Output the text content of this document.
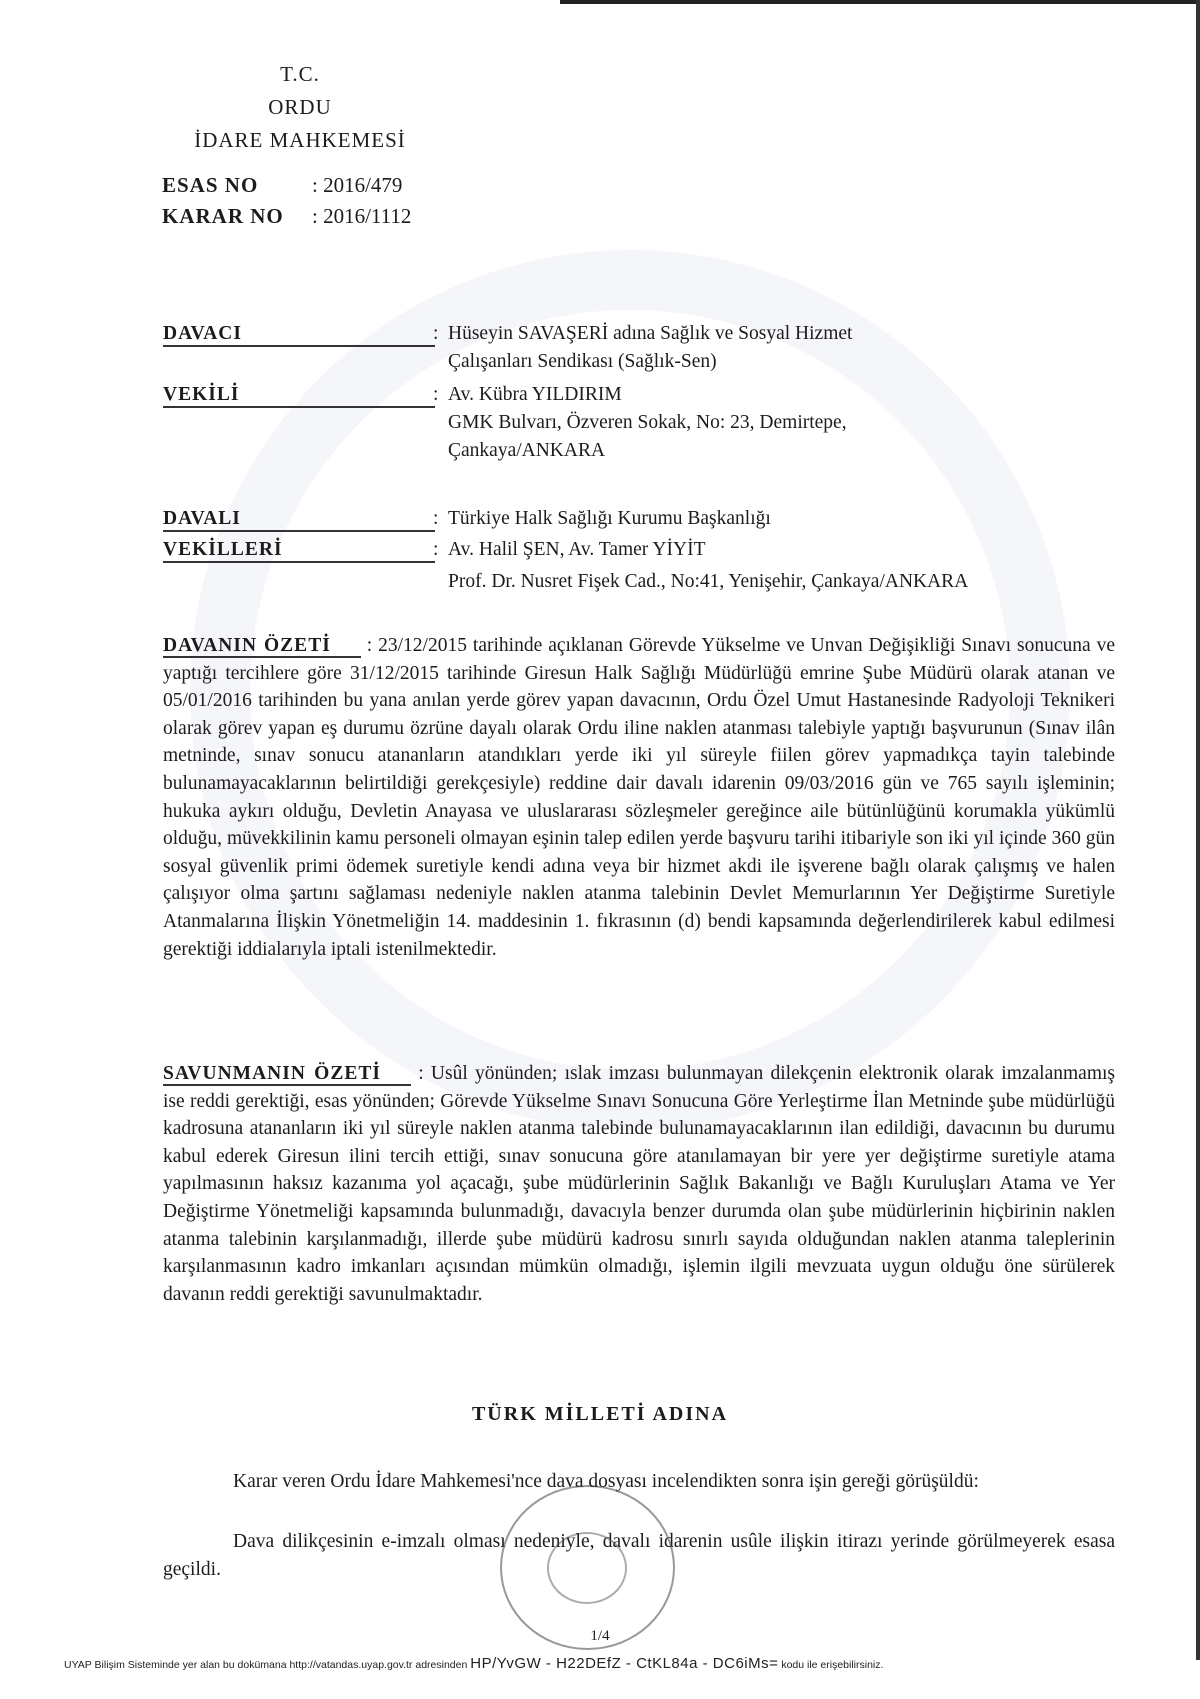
T.C.
ORDU
İDARE MAHKEMESİ
ESAS NO	: 2016/479
KARAR NO : 2016/1112
DAVACI	: Hüseyin SAVAŞERİ adına Sağlık ve Sosyal Hizmet
Çalışanları Sendikası (Sağlık-Sen)
VEKİLİ	: Av. Kübra YILDIRIM
GMK Bulvarı, Özveren Sokak, No: 23, Demirtepe,
Çankaya/ANKARA
DAVALI	: Türkiye Halk Sağlığı Kurumu Başkanlığı
VEKİLLERİ	: Av. Halil ŞEN, Av. Tamer YİYİT
Prof. Dr. Nusret Fişek Cad., No:41, Yenişehir, Çankaya/ANKARA
DAVANIN ÖZETİ : 23/12/2015 tarihinde açıklanan Görevde Yükselme ve Unvan Değişikliği Sınavı sonucuna ve yaptığı tercihlere göre 31/12/2015 tarihinde Giresun Halk Sağlığı Müdürlüğü emrine Şube Müdürü olarak atanan ve 05/01/2016 tarihinden bu yana anılan yerde görev yapan davacının, Ordu Özel Umut Hastanesinde Radyoloji Teknikeri olarak görev yapan eş durumu özrüne dayalı olarak Ordu iline naklen atanması talebiyle yaptığı başvurunun (Sınav ilân metninde, sınav sonucu atananların atandıkları yerde iki yıl süreyle fiilen görev yapmadıkça tayin talebinde bulunamayacaklarının belirtildiği gerekçesiyle) reddine dair davalı idarenin 09/03/2016 gün ve 765 sayılı işleminin; hukuka aykırı olduğu, Devletin Anayasa ve uluslararası sözleşmeler gereğince aile bütünlüğünü korumakla yükümlü olduğu, müvekkilinin kamu personeli olmayan eşinin talep edilen yerde başvuru tarihi itibariyle son iki yıl içinde 360 gün sosyal güvenlik primi ödemek suretiyle kendi adına veya bir hizmet akdi ile işverene bağlı olarak çalışmış ve halen çalışıyor olma şartını sağlaması nedeniyle naklen atanma talebinin Devlet Memurlarının Yer Değiştirme Suretiyle Atanmalarına İlişkin Yönetmeliğin 14. maddesinin 1. fıkrasının (d) bendi kapsamında değerlendirilerek kabul edilmesi gerektiği iddialarıyla iptali istenilmektedir.
SAVUNMANIN ÖZETİ : Usûl yönünden; ıslak imzası bulunmayan dilekçenin elektronik olarak imzalanmamış ise reddi gerektiği, esas yönünden; Görevde Yükselme Sınavı Sonucuna Göre Yerleştirme İlan Metninde şube müdürlüğü kadrosuna atananların iki yıl süreyle naklen atanma talebinde bulunamayacaklarının ilan edildiği, davacının bu durumu kabul ederek Giresun ilini tercih ettiği, sınav sonucuna göre atanılamayan bir yere yer değiştirme suretiyle atama yapılmasının haksız kazanıma yol açacağı, şube müdürlerinin Sağlık Bakanlığı ve Bağlı Kuruluşları Atama ve Yer Değiştirme Yönetmeliği kapsamında bulunmadığı, davacıyla benzer durumda olan şube müdürlerinin hiçbirinin naklen atanma talebinin karşılanmadığı, illerde şube müdürü kadrosu sınırlı sayıda olduğundan naklen atanma taleplerinin karşılanmasının kadro imkanları açısından mümkün olmadığı, işlemin ilgili mevzuata uygun olduğu öne sürülerek davanın reddi gerektiği savunulmaktadır.
TÜRK MİLLETİ ADINA
Karar veren Ordu İdare Mahkemesi'nce dava dosyası incelendikten sonra işin gereği görüşüldü:
Dava dilikçesinin e-imzalı olması nedeniyle, davalı idarenin usûle ilişkin itirazı yerinde görülmeyerek esasa geçildi.
1/4
UYAP Bilişim Sisteminde yer alan bu dokümana http://vatandas.uyap.gov.tr adresinden HP/YvGW - H22DEfZ - CtKL84a - DC6iMs= kodu ile erişebilirsiniz.
